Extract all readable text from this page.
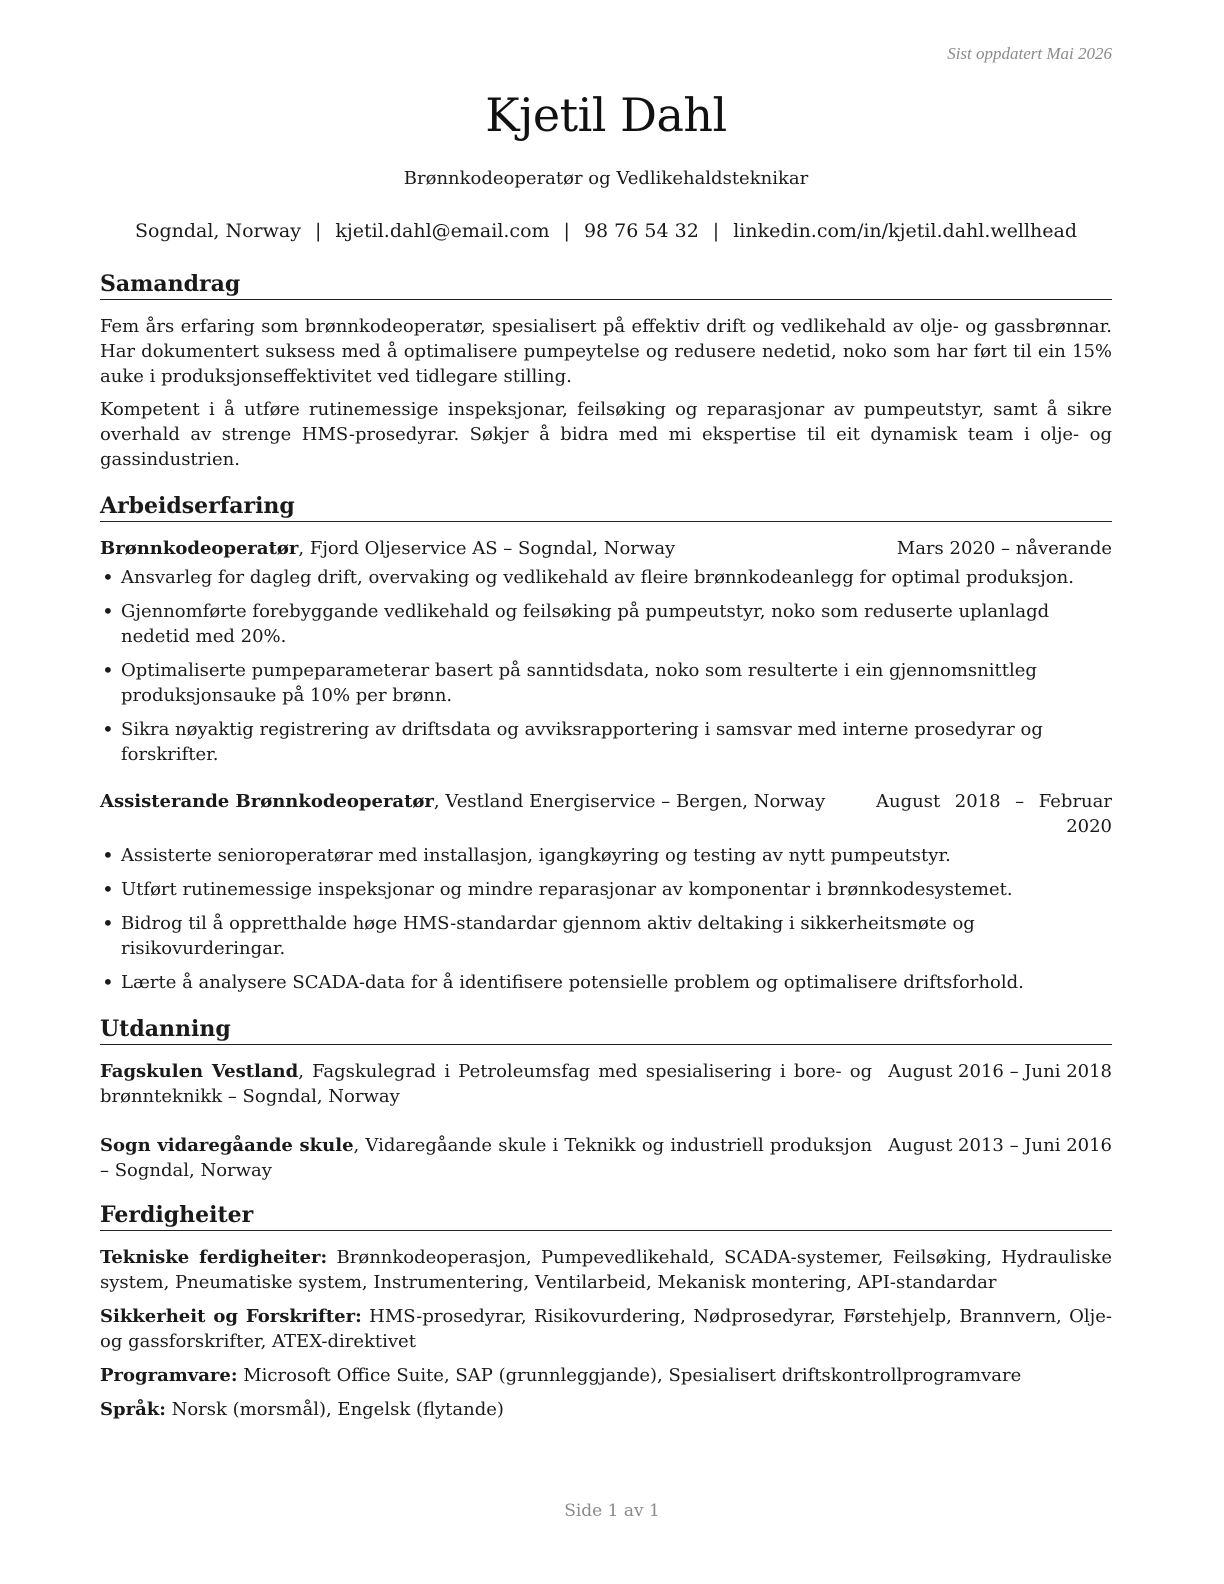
Sist oppdatert Mai 2026
Kjetil Dahl
Brønnkodeoperatør og Vedlikehaldsteknikar
Sogndal, Norway | kjetil.dahl@email.com | 98 76 54 32 | linkedin.com/in/kjetil.dahl.wellhead
Samandrag

Fem års erfaring som brønnkodeoperatør, spesialisert på effektiv drift og vedlikehald av olje- og gassbrønnar. Har dokumentert suksess med å optimalisere pumpeytelse og redusere nedetid, noko som har ført til ein 15% auke i produksjonseffektivitet ved tidlegare stilling.

Kompetent i å utføre rutinemessige inspeksjonar, feilsøking og reparasjonar av pumpeutstyr, samt å sikre overhald av strenge HMS-prosedyrar. Søkjer å bidra med mi ekspertise til eit dynamisk team i olje- og gassindustrien.

Arbeidserfaring
Brønnkodeoperatør, Fjord Oljeservice AS – Sogndal, Norway	Mars 2020 – nåverande
• Ansvarleg for dagleg drift, overvaking og vedlikehald av fleire brønnkodeanlegg for optimal produksjon.
• Gjennomførte forebyggande vedlikehald og feilsøking på pumpeutstyr, noko som reduserte uplanlagd nedetid med 20%.
• Optimaliserte pumpeparameterar basert på sanntidsdata, noko som resulterte i ein gjennomsnittleg produksjonsauke på 10% per brønn.
• Sikra nøyaktig registrering av driftsdata og avviksrapportering i samsvar med interne prosedyrar og forskrifter.
Assisterande Brønnkodeoperatør, Vestland Energiservice – Bergen, Norway	August 2018 – Februar 2020
• Assisterte senioroperatørar med installasjon, igangkøyring og testing av nytt pumpeutstyr.
• Utført rutinemessige inspeksjonar og mindre reparasjonar av komponentar i brønnkodesystemet.
• Bidrog til å oppretthalde høge HMS-standardar gjennom aktiv deltaking i sikkerheitsmøte og risikovurderingar.
• Lærte å analysere SCADA-data for å identifisere potensielle problem og optimalisere driftsforhold.
Utdanning
Fagskulen Vestland, Fagskulegrad i Petroleumsfag med spesialisering i bore- og brønnteknikk – Sogndal, Norway
August 2016 – Juni 2018
Sogn vidaregåande skule, Vidaregåande skule i Teknikk og industriell produksjon – Sogndal, Norway
August 2013 – Juni 2016
Ferdigheiter

Tekniske ferdigheiter: Brønnkodeoperasjon, Pumpevedlikehald, SCADA-systemer, Feilsøking, Hydrauliske system, Pneumatiske system, Instrumentering, Ventilarbeid, Mekanisk montering, API-standardar

Sikkerheit og Forskrifter: HMS-prosedyrar, Risikovurdering, Nødprosedyrar, Førstehjelp, Brannvern, Olje- og gassforskrifter, ATEX-direktivet

Programvare: Microsoft Office Suite, SAP (grunnleggjande), Spesialisert driftskontrollprogramvare

Språk: Norsk (morsmål), Engelsk (flytande)

Side 1 av 1
